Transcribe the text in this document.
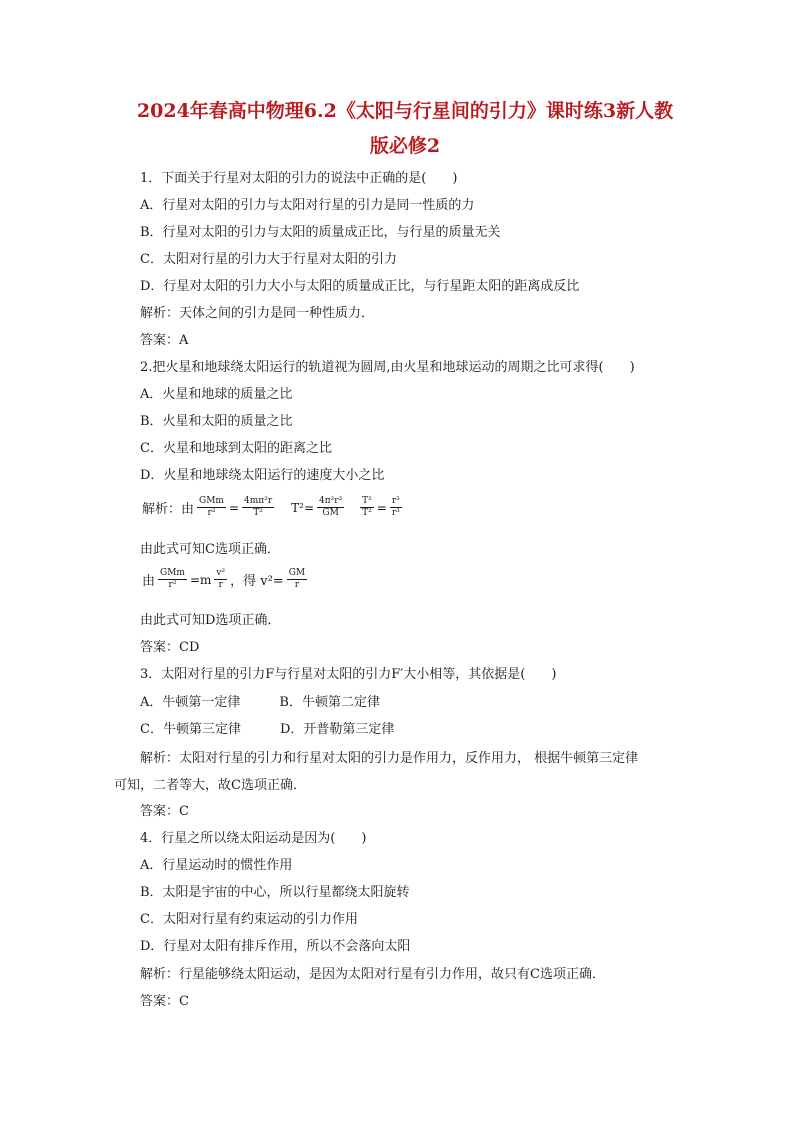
2024年春高中物理6.2《太阳与行星间的引力》课时练3新人教
版必修2
1．下面关于行星对太阳的引力的说法中正确的是(　　)
A．行星对太阳的引力与太阳对行星的引力是同一性质的力
B．行星对太阳的引力与太阳的质量成正比，与行星的质量无关
C．太阳对行星的引力大于行星对太阳的引力
D．行星对太阳的引力大小与太阳的质量成正比，与行星距太阳的距离成反比
解析：天体之间的引力是同一种性质力．
答案：A
2.把火星和地球绕太阳运行的轨道视为圆周,由火星和地球运动的周期之比可求得(　　)
A．火星和地球的质量之比
B．火星和太阳的质量之比
C．火星和地球到太阳的距离之比
D．火星和地球绕太阳运行的速度大小之比
解析：由 $\frac{\text{GMm}}{\text{r²}} = \frac{\text{4mπ²r}}{\text{T²}} T^2= \frac{\text{4π²r³}}{GM} \frac{\text{T²}}{\text{T²}} = \frac{\text{r³}}{\text{r³}}$
由此式可知C选项正确．
由 $\frac{\text{GMm}}{\text{r²}} =m \frac{\text{v²}}{r}$ ，得 $v^2= \frac{GM}{r}$
由此式可知D选项正确．
答案：CD
3．太阳对行星的引力F与行星对太阳的引力F′大小相等，其依据是(　　)
A．牛顿第一定律　　　B．牛顿第二定律
C．牛顿第三定律　　　D．开普勒第三定律
解析：太阳对行星的引力和行星对太阳的引力是作用力，反作用力， 根据牛顿第三定律
可知，二者等大，故C选项正确．
答案：C
4．行星之所以绕太阳运动是因为(　　)
A．行星运动时的惯性作用
B．太阳是宇宙的中心，所以行星都绕太阳旋转
C．太阳对行星有约束运动的引力作用
D．行星对太阳有排斥作用，所以不会落向太阳
解析：行星能够绕太阳运动，是因为太阳对行星有引力作用，故只有C选项正确．
答案：C
